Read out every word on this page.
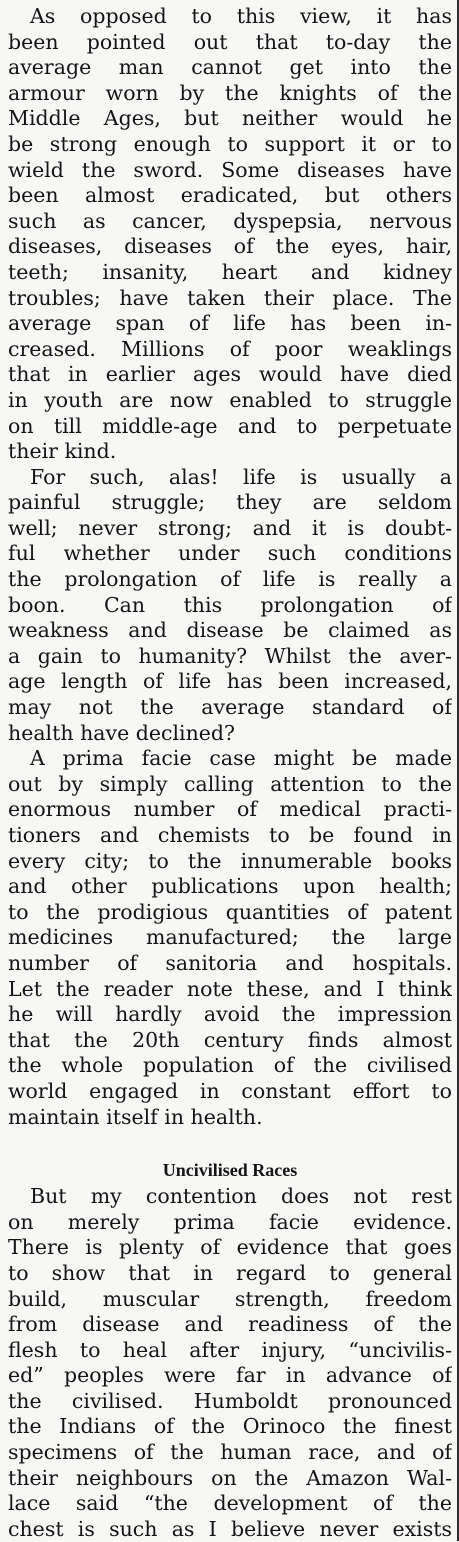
As opposed to this view, it has
been pointed out that to-day the
average man cannot get into the
armour worn by the knights of the
Middle Ages, but neither would he
be strong enough to support it or to
wield the sword. Some diseases have
been almost eradicated, but others
such as cancer, dyspepsia, nervous
diseases, diseases of the eyes, hair,
teeth; insanity, heart and kidney
troubles; have taken their place. The
average span of life has been in-
creased. Millions of poor weaklings
that in earlier ages would have died
in youth are now enabled to struggle
on till middle-age and to perpetuate
their kind.
For such, alas! life is usually a
painful struggle; they are seldom
well; never strong; and it is doubt-
ful whether under such conditions
the prolongation of life is really a
boon. Can this prolongation of
weakness and disease be claimed as
a gain to humanity? Whilst the aver-
age length of life has been increased,
may not the average standard of
health have declined?
A prima facie case might be made
out by simply calling attention to the
enormous number of medical practi-
tioners and chemists to be found in
every city; to the innumerable books
and other publications upon health;
to the prodigious quantities of patent
medicines manufactured; the large
number of sanitoria and hospitals.
Let the reader note these, and I think
he will hardly avoid the impression
that the 20th century finds almost
the whole population of the civilised
world engaged in constant effort to
maintain itself in health.
Uncivilised Races
But my contention does not rest
on merely prima facie evidence.
There is plenty of evidence that goes
to show that in regard to general
build, muscular strength, freedom
from disease and readiness of the
flesh to heal after injury, “uncivilis-
ed” peoples were far in advance of
the civilised. Humboldt pronounced
the Indians of the Orinoco the finest
specimens of the human race, and of
their neighbours on the Amazon Wal-
lace said “the development of the
chest is such as I believe never exists
